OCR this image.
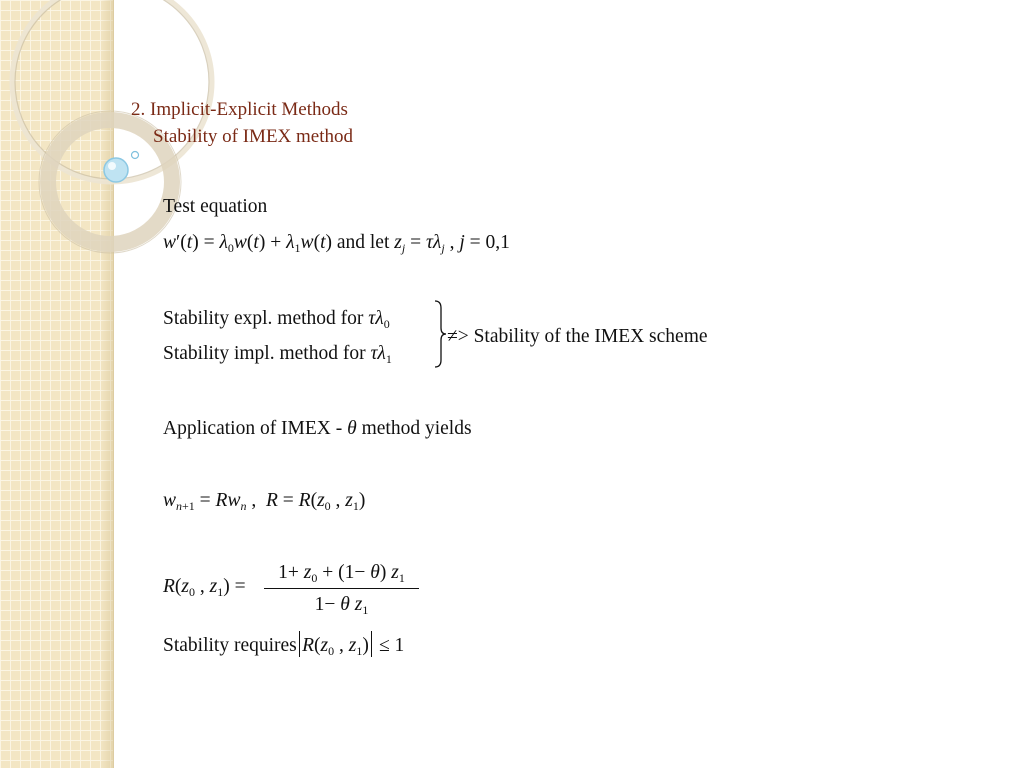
2. Implicit-Explicit Methods
Stability of IMEX method
Test equation
$w'(t) = \lambda_0w(t) + \lambda_1w(t)$ and let $z_j = \tau\lambda_j$ , j = 0,1
Stability expl. method for $\tau\lambda_0$
Stability impl. method for $\tau\lambda_1$
≠> Stability of the IMEX scheme
Application of IMEX - θ method yields
$w_{n+1} = Rw_n$ ,  $R = R(z_0$ , $z_1$)
$R(z_0$ , $z_1$) =
$1+ z_0 + (1- \theta)$ $z_1$
1− θ $z_1$
Stability requires $R(z_0$ , $z_1) \le 1$
